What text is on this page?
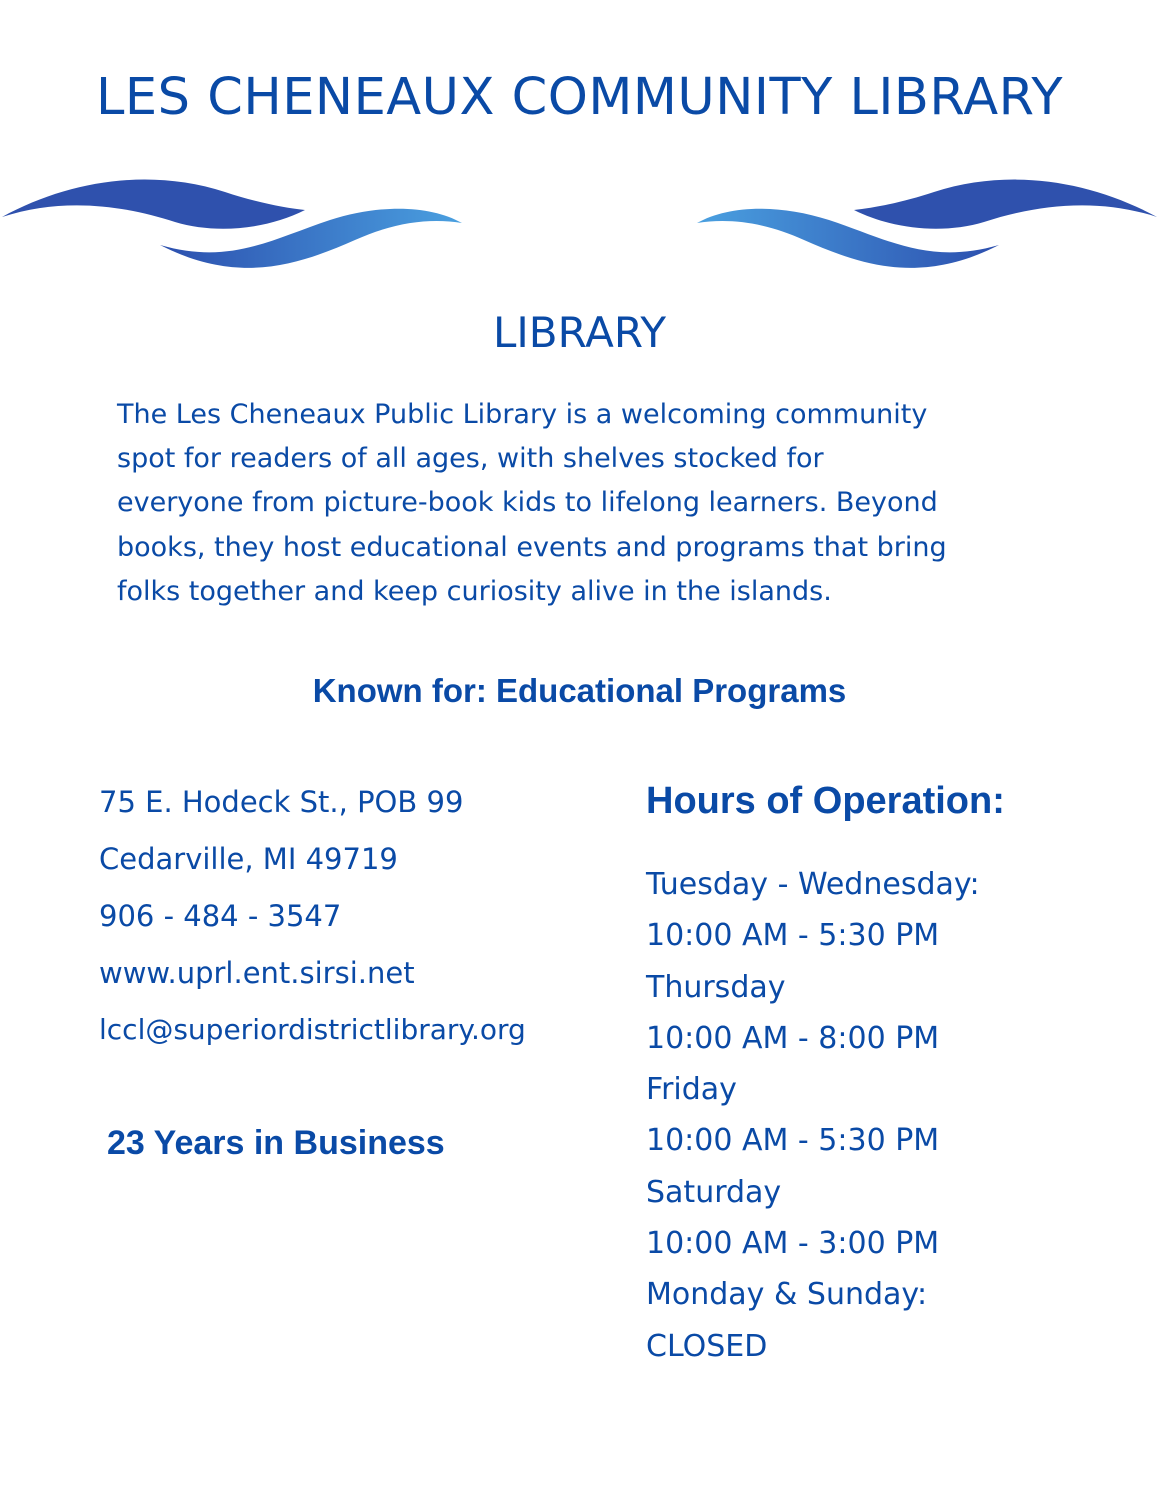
LES CHENEAUX COMMUNITY LIBRARY
LIBRARY
The Les Cheneaux Public Library is a welcoming community
spot for readers of all ages, with shelves stocked for
everyone from picture-book kids to lifelong learners. Beyond
books, they host educational events and programs that bring
folks together and keep curiosity alive in the islands.
Known for: Educational Programs
75 E. Hodeck St., POB 99
Cedarville, MI 49719
906 - 484 - 3547
www.uprl.ent.sirsi.net
lccl@superiordistrictlibrary.org
23 Years in Business
Hours of Operation:
Tuesday - Wednesday:
10:00 AM - 5:30 PM
Thursday
10:00 AM - 8:00 PM
Friday
10:00 AM - 5:30 PM
Saturday
10:00 AM - 3:00 PM
Monday & Sunday:
CLOSED
